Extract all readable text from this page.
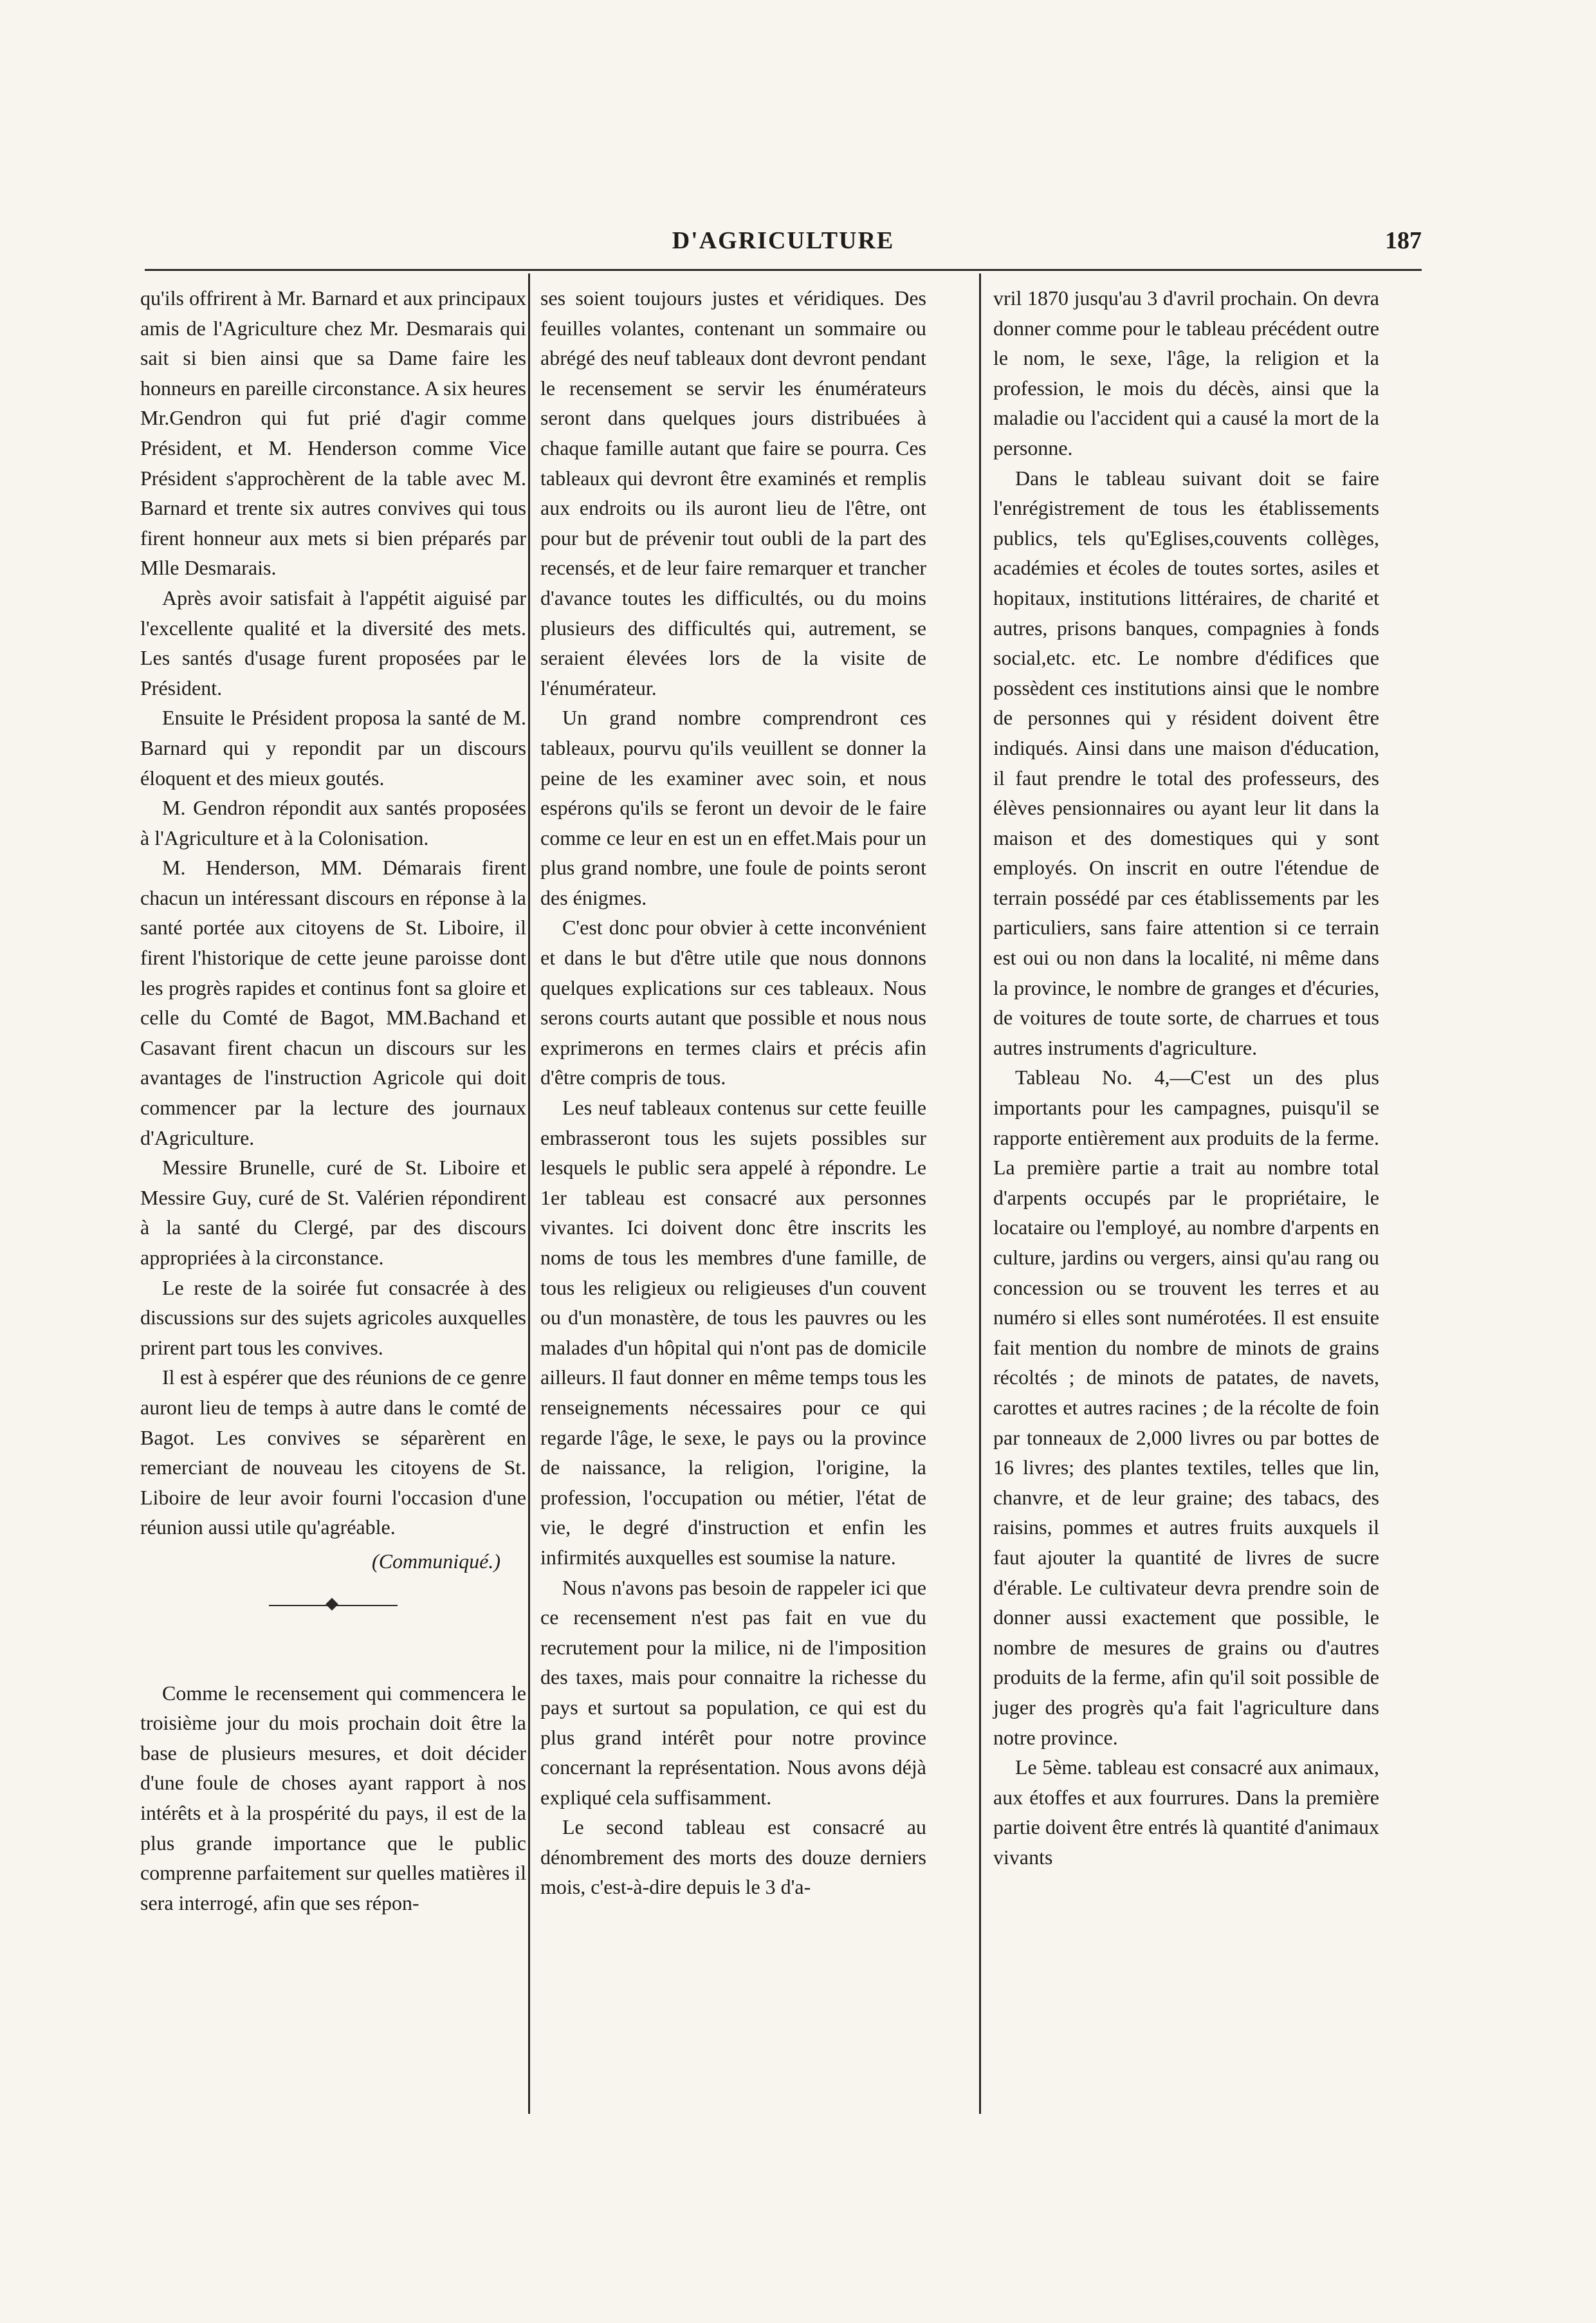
D'AGRICULTURE	187

qu'ils offrirent à Mr. Barnard et aux principaux amis de l'Agriculture chez Mr. Desmarais qui sait si bien ainsi que sa Dame faire les honneurs en pareille circonstance. A six heures Mr.Gendron qui fut prié d'agir comme Président, et M. Henderson comme Vice Président s'approchèrent de la table avec M. Barnard et trente six autres convives qui tous firent honneur aux mets si bien préparés par Mlle Desmarais.

Après avoir satisfait à l'appétit aiguisé par l'excellente qualité et la diversité des mets. Les santés d'usage furent proposées par le Président.

Ensuite le Président proposa la santé de M. Barnard qui y repondit par un discours éloquent et des mieux goutés.

M. Gendron répondit aux santés proposées à l'Agriculture et à la Colonisation.

M. Henderson, MM. Démarais firent chacun un intéressant discours en réponse à la santé portée aux citoyens de St. Liboire, il firent l'historique de cette jeune paroisse dont les progrès rapides et continus font sa gloire et celle du Comté de Bagot, MM.Bachand et Casavant firent chacun un discours sur les avantages de l'instruction Agricole qui doit commencer par la lecture des journaux d'Agriculture.

Messire Brunelle, curé de St. Liboire et Messire Guy, curé de St. Valérien répondirent à la santé du Clergé, par des discours appropriées à la circonstance.

Le reste de la soirée fut consacrée à des discussions sur des sujets agricoles auxquelles prirent part tous les convives.

Il est à espérer que des réunions de ce genre auront lieu de temps à autre dans le comté de Bagot. Les convives se séparèrent en remerciant de nouveau les citoyens de St. Liboire de leur avoir fourni l'occasion d'une réunion aussi utile qu'agréable.

(Communiqué.)

Comme le recensement qui commencera le troisième jour du mois prochain doit être la base de plusieurs mesures, et doit décider d'une foule de choses ayant rapport à nos intérêts et à la prospérité du pays, il est de la plus grande importance que le public comprenne parfaitement sur quelles matières il sera interrogé, afin que ses répon-

ses soient toujours justes et véridiques. Des feuilles volantes, contenant un sommaire ou abrégé des neuf tableaux dont devront pendant le recensement se servir les énumérateurs seront dans quelques jours distribuées à chaque famille autant que faire se pourra. Ces tableaux qui devront être examinés et remplis aux endroits ou ils auront lieu de l'être, ont pour but de prévenir tout oubli de la part des recensés, et de leur faire remarquer et trancher d'avance toutes les difficultés, ou du moins plusieurs des difficultés qui, autrement, se seraient élevées lors de la visite de l'énumérateur.

Un grand nombre comprendront ces tableaux, pourvu qu'ils veuillent se donner la peine de les examiner avec soin, et nous espérons qu'ils se feront un devoir de le faire comme ce leur en est un en effet.Mais pour un plus grand nombre, une foule de points seront des énigmes.

C'est donc pour obvier à cette inconvénient et dans le but d'être utile que nous donnons quelques explications sur ces tableaux. Nous serons courts autant que possible et nous nous exprimerons en termes clairs et précis afin d'être compris de tous.

Les neuf tableaux contenus sur cette feuille embrasseront tous les sujets possibles sur lesquels le public sera appelé à répondre. Le 1er tableau est consacré aux personnes vivantes. Ici doivent donc être inscrits les noms de tous les membres d'une famille, de tous les religieux ou religieuses d'un couvent ou d'un monastère, de tous les pauvres ou les malades d'un hôpital qui n'ont pas de domicile ailleurs. Il faut donner en même temps tous les renseignements nécessaires pour ce qui regarde l'âge, le sexe, le pays ou la province de naissance, la religion, l'origine, la profession, l'occupation ou métier, l'état de vie, le degré d'instruction et enfin les infirmités auxquelles est soumise la nature.

Nous n'avons pas besoin de rappeler ici que ce recensement n'est pas fait en vue du recrutement pour la milice, ni de l'imposition des taxes, mais pour connaitre la richesse du pays et surtout sa population, ce qui est du plus grand intérêt pour notre province concernant la représentation. Nous avons déjà expliqué cela suffisamment.

Le second tableau est consacré au dénombrement des morts des douze derniers mois, c'est-à-dire depuis le 3 d'a-

vril 1870 jusqu'au 3 d'avril prochain. On devra donner comme pour le tableau précédent outre le nom, le sexe, l'âge, la religion et la profession, le mois du décès, ainsi que la maladie ou l'accident qui a causé la mort de la personne.

Dans le tableau suivant doit se faire l'enrégistrement de tous les établissements publics, tels qu'Eglises,couvents collèges, académies et écoles de toutes sortes, asiles et hopitaux, institutions littéraires, de charité et autres, prisons banques, compagnies à fonds social,etc. etc. Le nombre d'édifices que possèdent ces institutions ainsi que le nombre de personnes qui y résident doivent être indiqués. Ainsi dans une maison d'éducation, il faut prendre le total des professeurs, des élèves pensionnaires ou ayant leur lit dans la maison et des domestiques qui y sont employés. On inscrit en outre l'étendue de terrain possédé par ces établissements par les particuliers, sans faire attention si ce terrain est oui ou non dans la localité, ni même dans la province, le nombre de granges et d'écuries, de voitures de toute sorte, de charrues et tous autres instruments d'agriculture.

Tableau No. 4,—C'est un des plus importants pour les campagnes, puisqu'il se rapporte entièrement aux produits de la ferme. La première partie a trait au nombre total d'arpents occupés par le propriétaire, le locataire ou l'employé, au nombre d'arpents en culture, jardins ou vergers, ainsi qu'au rang ou concession ou se trouvent les terres et au numéro si elles sont numérotées. Il est ensuite fait mention du nombre de minots de grains récoltés ; de minots de patates, de navets, carottes et autres racines ; de la récolte de foin par tonneaux de 2,000 livres ou par bottes de 16 livres; des plantes textiles, telles que lin, chanvre, et de leur graine; des tabacs, des raisins, pommes et autres fruits auxquels il faut ajouter la quantité de livres de sucre d'érable. Le cultivateur devra prendre soin de donner aussi exactement que possible, le nombre de mesures de grains ou d'autres produits de la ferme, afin qu'il soit possible de juger des progrès qu'a fait l'agriculture dans notre province.

Le 5ème. tableau est consacré aux animaux, aux étoffes et aux fourrures. Dans la première partie doivent être entrés là quantité d'animaux vivants
